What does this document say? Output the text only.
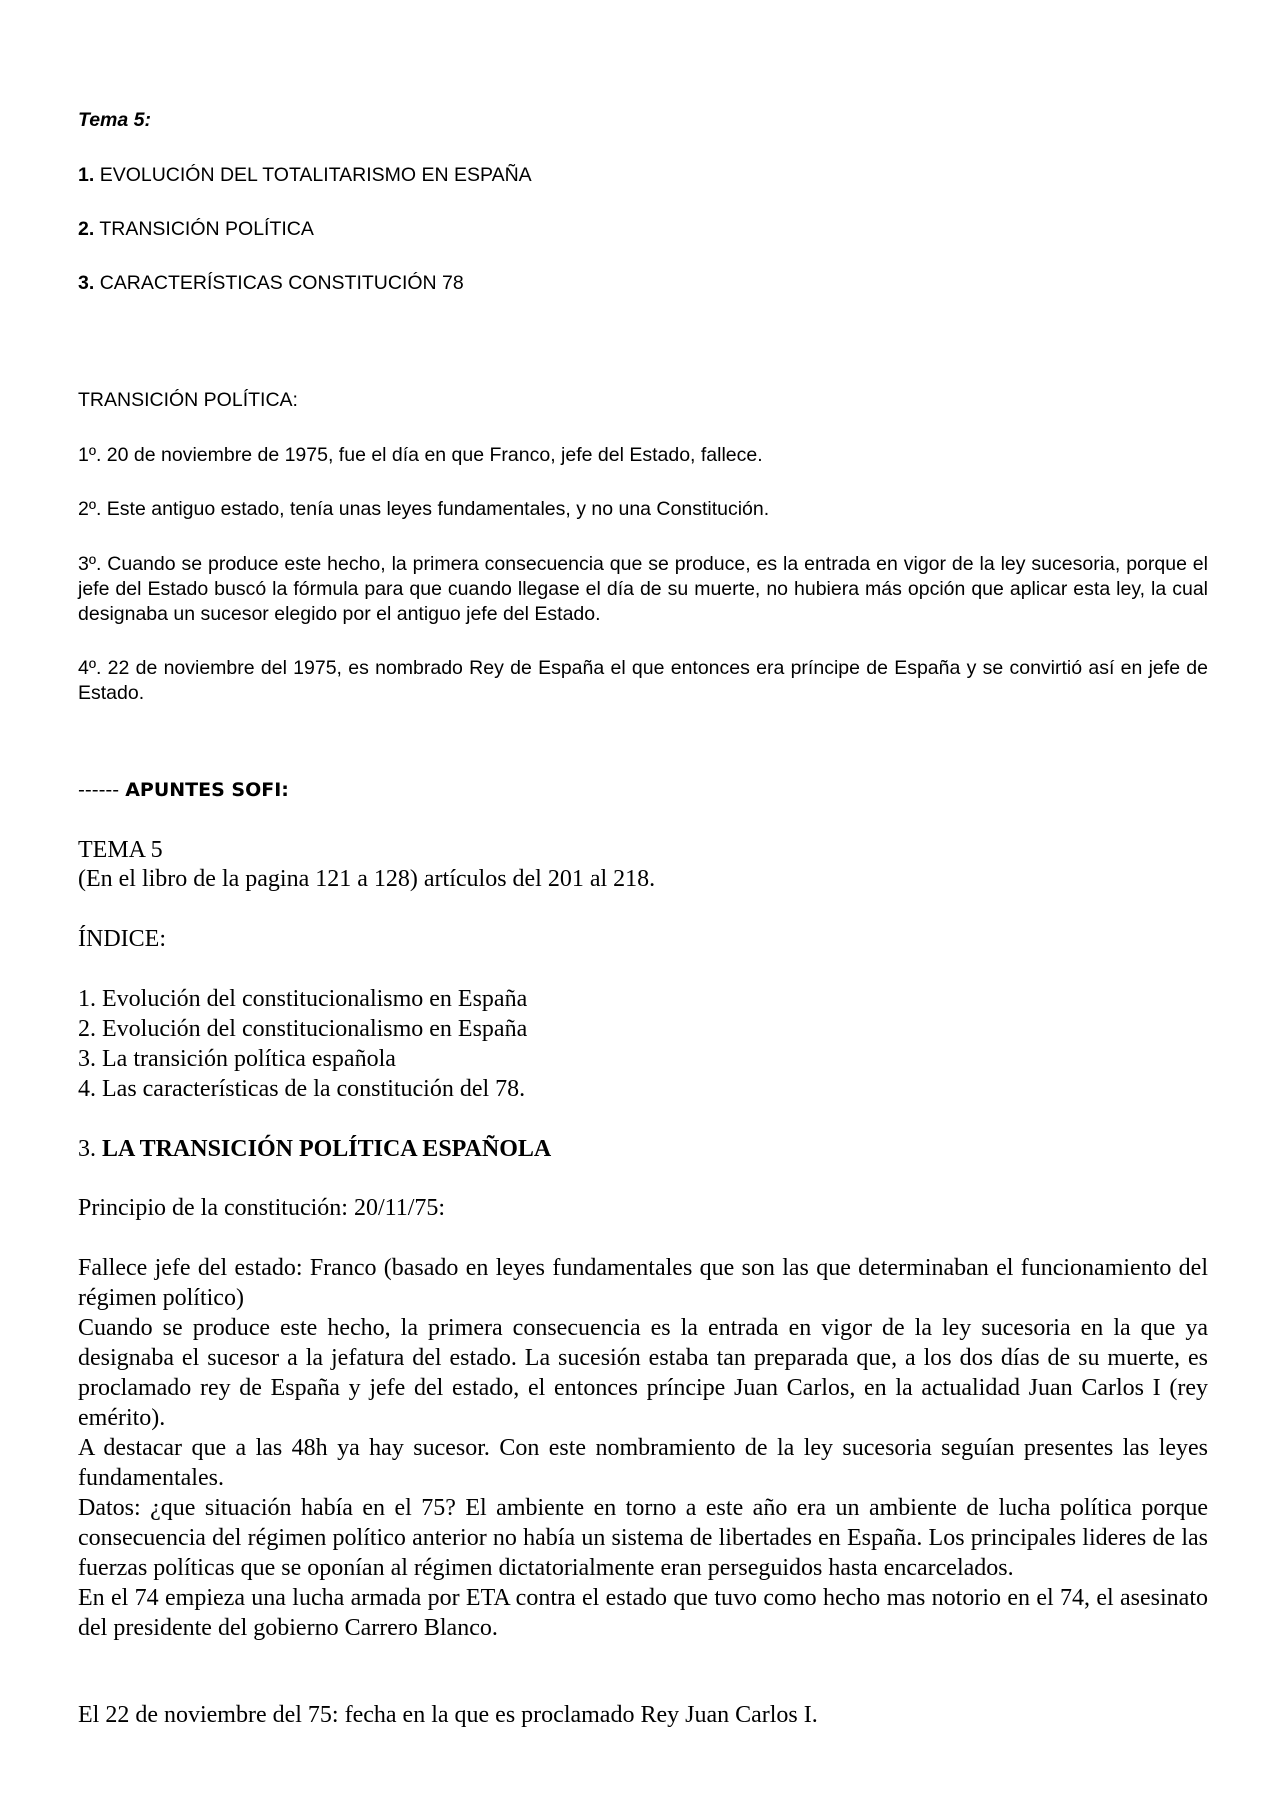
Tema 5:

1. EVOLUCIÓN DEL TOTALITARISMO EN ESPAÑA

2. TRANSICIÓN POLÍTICA

3. CARACTERÍSTICAS CONSTITUCIÓN 78

TRANSICIÓN POLÍTICA:

1º. 20 de noviembre de 1975, fue el día en que Franco, jefe del Estado, fallece.

2º. Este antiguo estado, tenía unas leyes fundamentales, y no una Constitución.

3º. Cuando se produce este hecho, la primera consecuencia que se produce, es la entrada en vigor de la ley sucesoria, porque el jefe del Estado buscó la fórmula para que cuando llegase el día de su muerte, no hubiera más opción que aplicar esta ley, la cual designaba un sucesor elegido por el antiguo jefe del Estado.

4º. 22 de noviembre del 1975, es nombrado Rey de España el que entonces era príncipe de España y se convirtió así en jefe de Estado.

------ APUNTES SOFI:

TEMA 5

(En el libro de la pagina 121 a 128) artículos del 201 al 218.

ÍNDICE:

1. Evolución del constitucionalismo en España

2. Evolución del constitucionalismo en España

3. La transición política española

4. Las características de la constitución del 78.

3. LA TRANSICIÓN POLÍTICA ESPAÑOLA

Principio de la constitución: 20/11/75:

Fallece jefe del estado: Franco (basado en leyes fundamentales que son las que determinaban el funcionamiento del régimen político)

Cuando se produce este hecho, la primera consecuencia es la entrada en vigor de la ley sucesoria en la que ya designaba el sucesor a la jefatura del estado. La sucesión estaba tan preparada que, a los dos días de su muerte, es proclamado rey de España y jefe del estado, el entonces príncipe Juan Carlos, en la actualidad Juan Carlos I (rey emérito).

A destacar que a las 48h ya hay sucesor. Con este nombramiento de la ley sucesoria seguían presentes las leyes fundamentales.

Datos: ¿que situación había en el 75? El ambiente en torno a este año era un ambiente de lucha política porque consecuencia del régimen político anterior no había un sistema de libertades en España. Los principales lideres de las fuerzas políticas que se oponían al régimen dictatorialmente eran perseguidos hasta encarcelados.

En el 74 empieza una lucha armada por ETA contra el estado que tuvo como hecho mas notorio en el 74, el asesinato del presidente del gobierno Carrero Blanco.

El 22 de noviembre del 75: fecha en la que es proclamado Rey Juan Carlos I.
